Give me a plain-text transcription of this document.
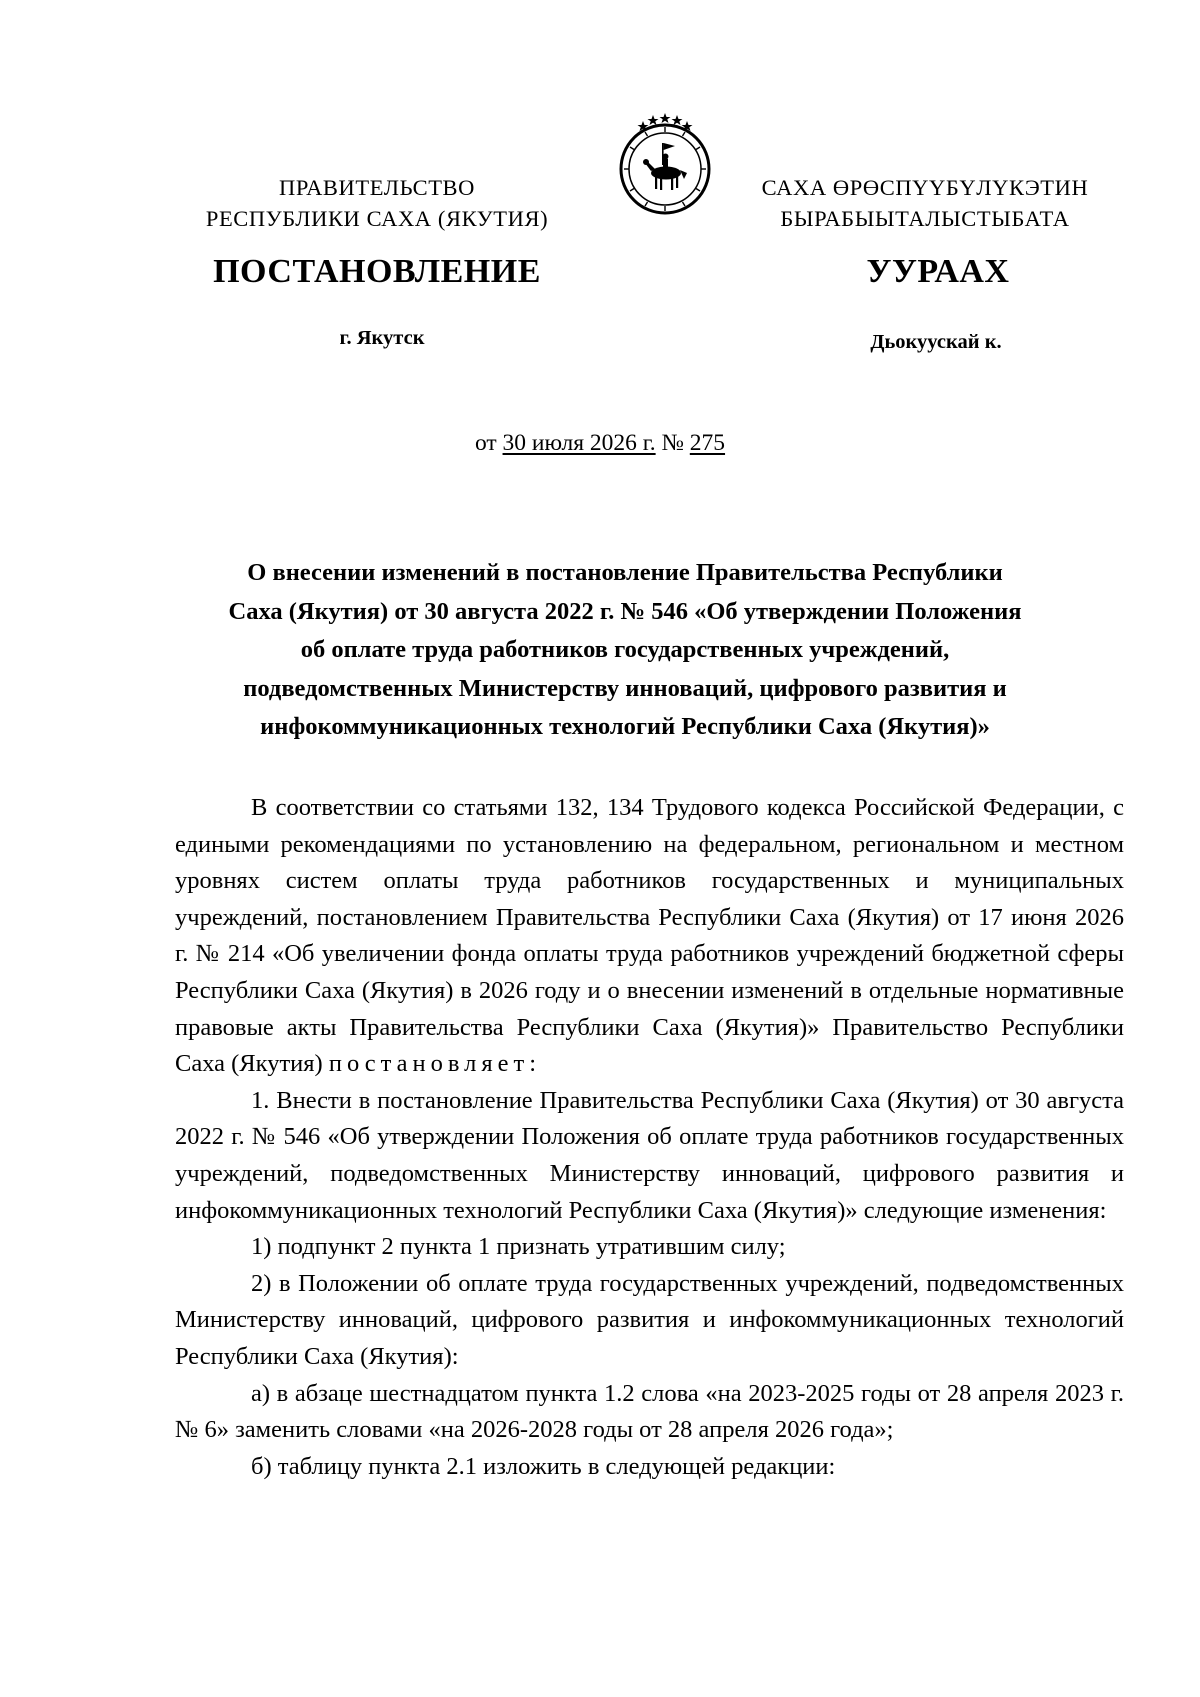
ПРАВИТЕЛЬСТВО
РЕСПУБЛИКИ САХА (ЯКУТИЯ)
САХА ӨРӨСПYYБYЛYКЭТИН
БЫРАБЫЫТАЛЫСТЫБАТА
ПОСТАНОВЛЕНИЕ	УУРААХ
г. Якутск	Дьокуускай к.
от 30 июля 2026 г. № 275
О внесении изменений в постановление Правительства Республики
Саха (Якутия) от 30 августа 2022 г. № 546 «Об утверждении Положения
об оплате труда работников государственных учреждений,
подведомственных Министерству инноваций, цифрового развития и
инфокоммуникационных технологий Республики Саха (Якутия)»

В соответствии со статьями 132, 134 Трудового кодекса Российской Федерации, с едиными рекомендациями по установлению на федеральном, региональном и местном уровнях систем оплаты труда работников государственных и муниципальных учреждений, постановлением Правительства Республики Саха (Якутия) от 17 июня 2026 г. № 214 «Об увеличении фонда оплаты труда работников учреждений бюджетной сферы Республики Саха (Якутия) в 2026 году и о внесении изменений в отдельные нормативные правовые акты Правительства Республики Саха (Якутия)» Правительство Республики Саха (Якутия) постановляет:

1. Внести в постановление Правительства Республики Саха (Якутия) от 30 августа 2022 г. № 546 «Об утверждении Положения об оплате труда работников государственных учреждений, подведомственных Министерству инноваций, цифрового развития и инфокоммуникационных технологий Республики Саха (Якутия)» следующие изменения:

1) подпункт 2 пункта 1 признать утратившим силу;

2) в Положении об оплате труда государственных учреждений, подведомственных Министерству инноваций, цифрового развития и инфокоммуникационных технологий Республики Саха (Якутия):

а) в абзаце шестнадцатом пункта 1.2 слова «на 2023-2025 годы от 28 апреля 2023 г. № 6» заменить словами «на 2026-2028 годы от 28 апреля 2026 года»;

б) таблицу пункта 2.1 изложить в следующей редакции:
